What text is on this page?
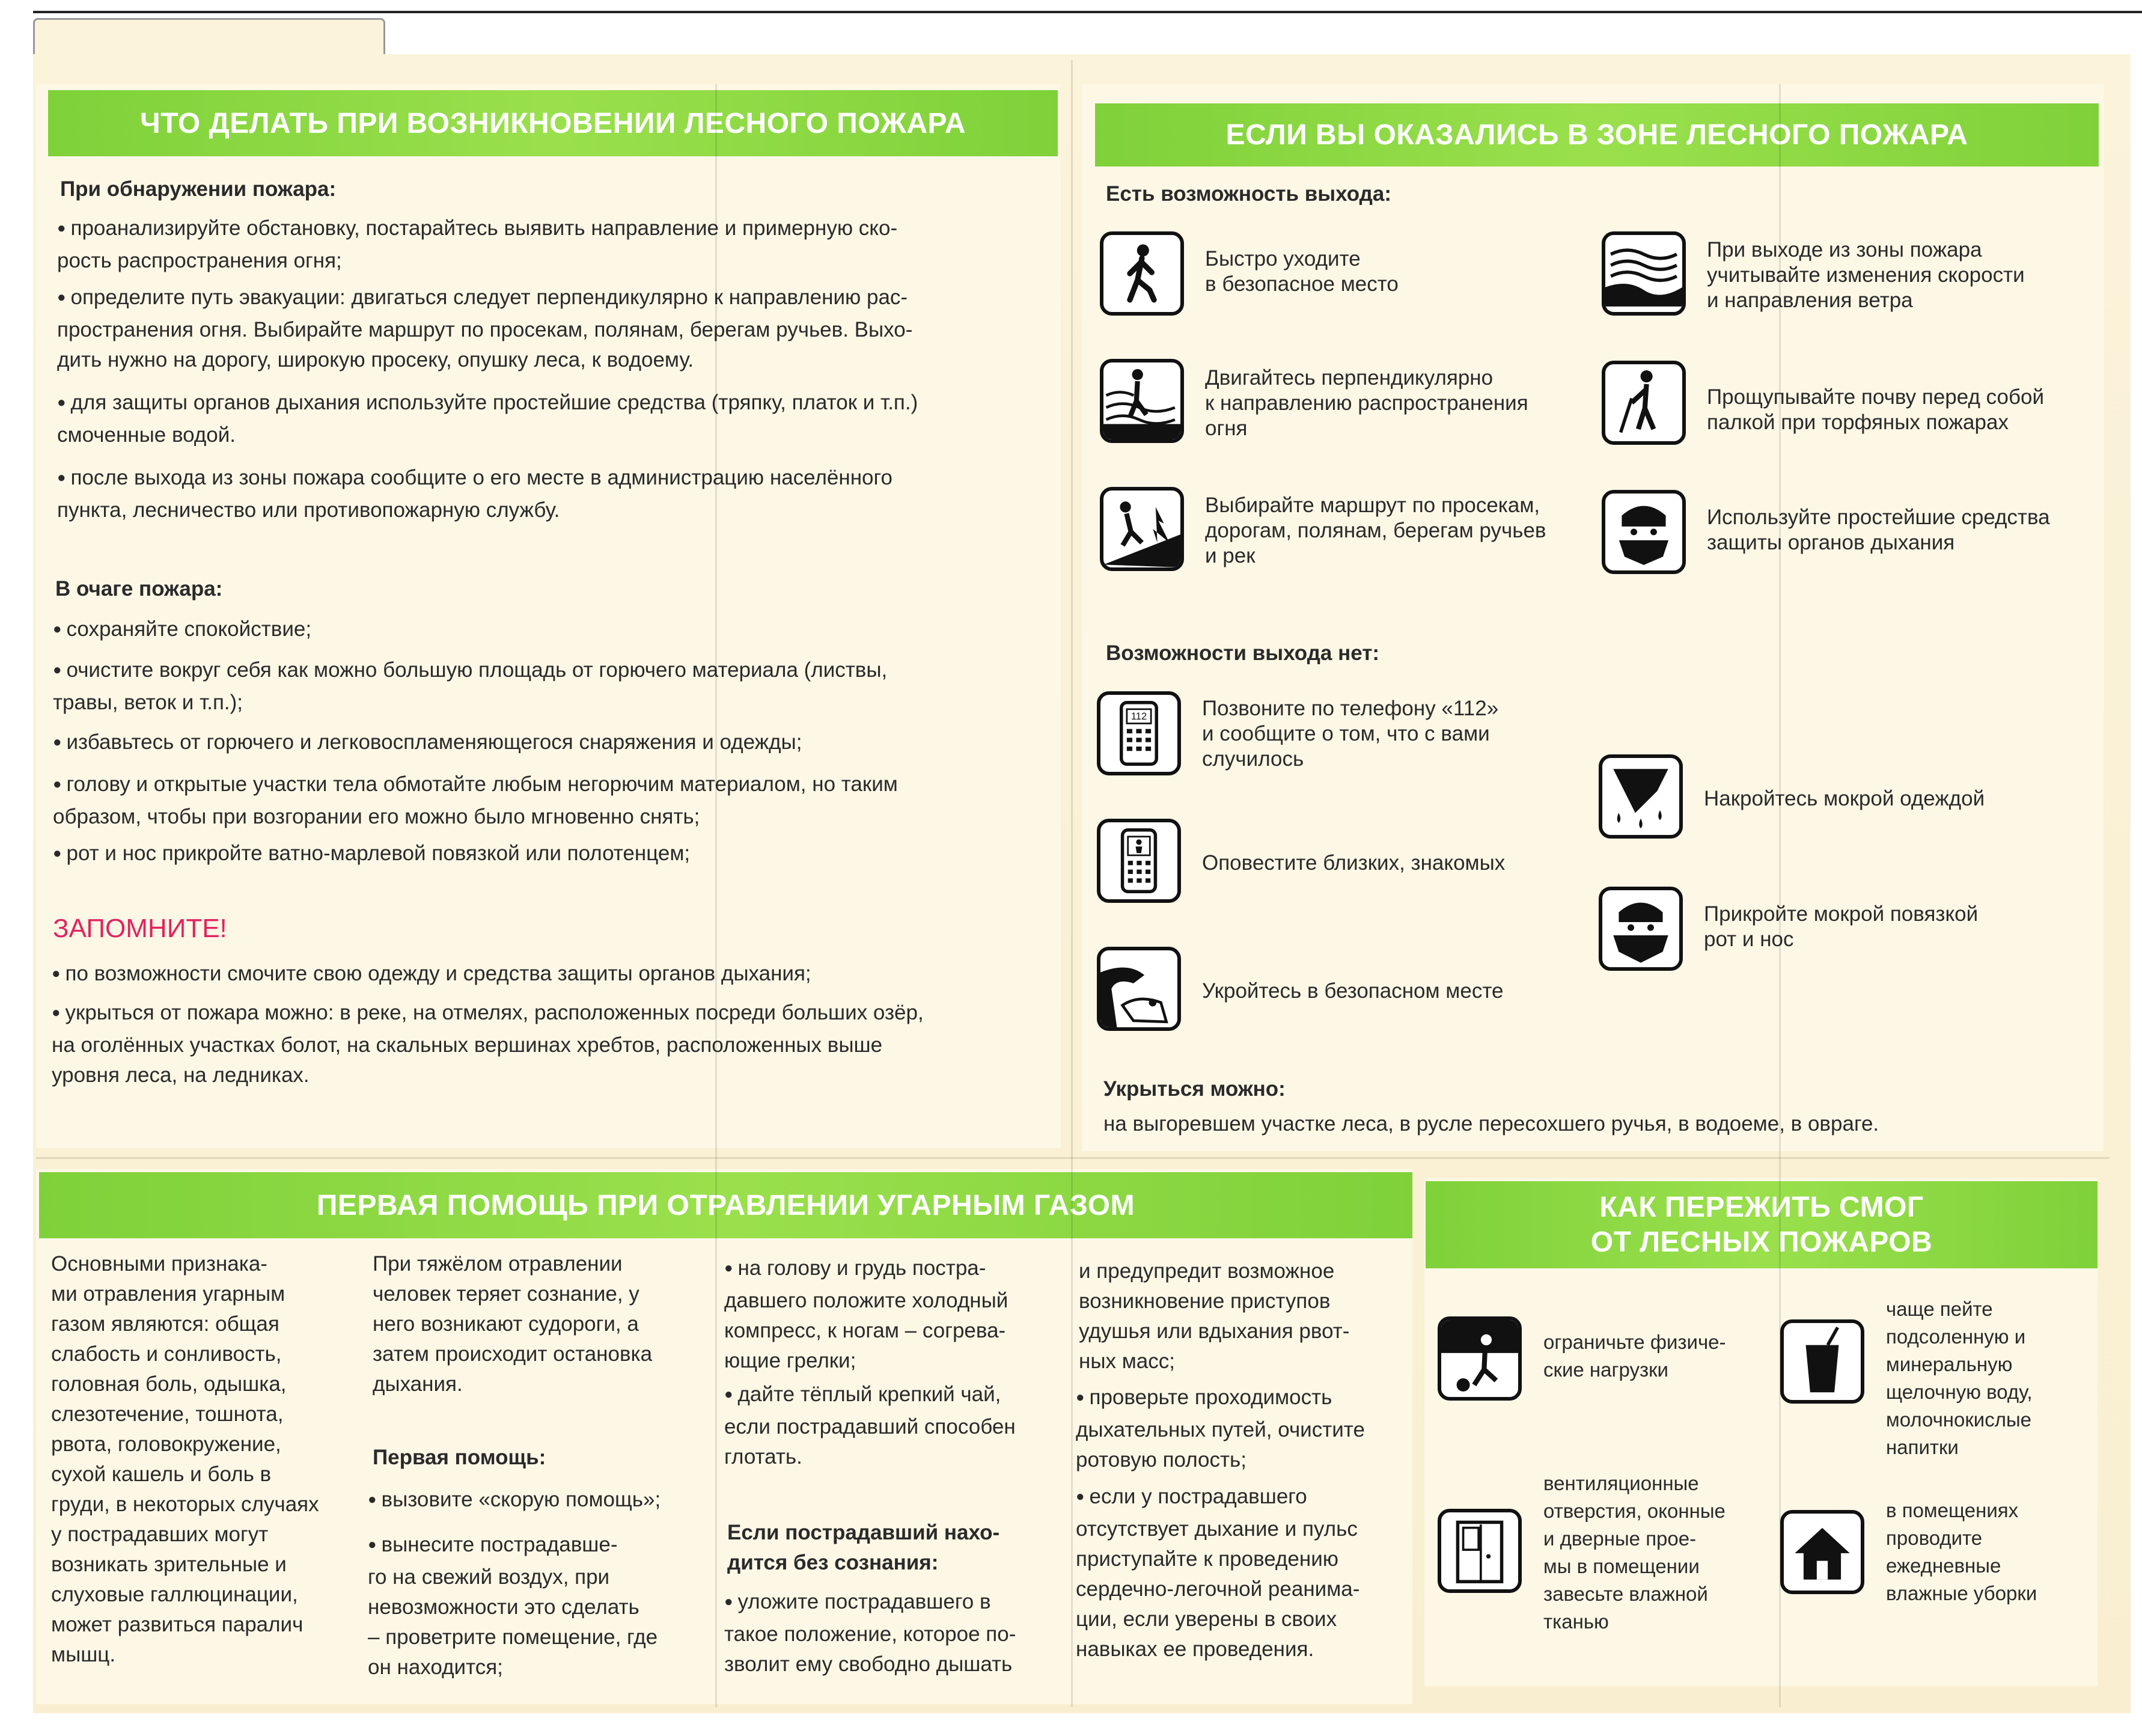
ЧТО ДЕЛАТЬ ПРИ ВОЗНИКНОВЕНИИ ЛЕСНОГО ПОЖАРА
При обнаружении пожара:
● проанализируйте обстановку, постарайтесь выявить направление и примерную ско-
рость распространения огня;
● определите путь эвакуации: двигаться следует перпендикулярно к направлению рас-
пространения огня. Выбирайте маршрут по просекам, полянам, берегам ручьев. Выхо-
дить нужно на дорогу, широкую просеку, опушку леса, к водоему.
● для защиты органов дыхания используйте простейшие средства (тряпку, платок и т.п.)
смоченные водой.
● после выхода из зоны пожара сообщите о его месте в администрацию населённого
пункта, лесничество или противопожарную службу.
В очаге пожара:
● сохраняйте спокойствие;
● очистите вокруг себя как можно большую площадь от горючего материала (листвы,
травы, веток и т.п.);
● избавьтесь от горючего и легковоспламеняющегося снаряжения и одежды;
● голову и открытые участки тела обмотайте любым негорючим материалом, но таким
образом, чтобы при возгорании его можно было мгновенно снять;
● рот и нос прикройте ватно-марлевой повязкой или полотенцем;
ЗАПОМНИТЕ!
● по возможности смочите свою одежду и средства защиты органов дыхания;
● укрыться от пожара можно: в реке, на отмелях, расположенных посреди больших озёр,
на оголённых участках болот, на скальных вершинах хребтов, расположенных выше
уровня леса, на ледниках.
ЕСЛИ ВЫ ОКАЗАЛИСЬ В ЗОНЕ ЛЕСНОГО ПОЖАРА
Есть возможность выхода:
Возможности выхода нет:
Укрыться можно:
на выгоревшем участке леса, в русле пересохшего ручья, в водоеме, в овраге.
Быстро уходите
в безопасное место
При выходе из зоны пожара
учитывайте изменения скорости
и направления ветра
Двигайтесь перпендикулярно
к направлению распространения
огня
Прощупывайте почву перед собой
палкой при торфяных пожарах
Выбирайте маршрут по просекам,
дорогам, полянам, берегам ручьев
и рек
Используйте простейшие средства
защиты органов дыхания
112	Позвоните по телефону «112»
и сообщите о том, что с вами
случилось
Накройтесь мокрой одеждой
Оповестите близких, знакомых
Прикройте мокрой повязкой
рот и нос
Укройтесь в безопасном месте
ПЕРВАЯ ПОМОЩЬ ПРИ ОТРАВЛЕНИИ УГАРНЫМ ГАЗОМ
Основными признака-
ми отравления угарным
газом являются: общая
слабость и сонливость,
головная боль, одышка,
слезотечение, тошнота,
рвота, головокружение,
сухой кашель и боль в
груди, в некоторых случаях
у пострадавших могут
возникать зрительные и
слуховые галлюцинации,
может развиться паралич
мышц.
При тяжёлом отравлении
человек теряет сознание, у
него возникают судороги, а
затем происходит остановка
дыхания.
Первая помощь:
● вызовите «скорую помощь»;
● вынесите пострадавше-
го на свежий воздух, при
невозможности это сделать
– проветрите помещение, где
он находится;
● на голову и грудь постра-
давшего положите холодный
компресс, к ногам – согрева-
ющие грелки;
● дайте тёплый крепкий чай,
если пострадавший способен
глотать.
Если пострадавший нахо-
дится без сознания:
● уложите пострадавшего в
такое положение, которое по-
зволит ему свободно дышать
и предупредит возможное
возникновение приступов
удушья или вдыхания рвот-
ных масс;
● проверьте проходимость
дыхательных путей, очистите
ротовую полость;
● если у пострадавшего
отсутствует дыхание и пульс
приступайте к проведению
сердечно-легочной реанима-
ции, если уверены в своих
навыках ее проведения.
КАК ПЕРЕЖИТЬ СМОГ
ОТ ЛЕСНЫХ ПОЖАРОВ
ограничьте физиче-
ские нагрузки
чаще пейте
подсоленную и
минеральную
щелочную воду,
молочнокислые
напитки
вентиляционные
отверстия, оконные
и дверные прое-
мы в помещении
завесьте влажной
тканью
в помещениях
проводите
ежедневные
влажные уборки
